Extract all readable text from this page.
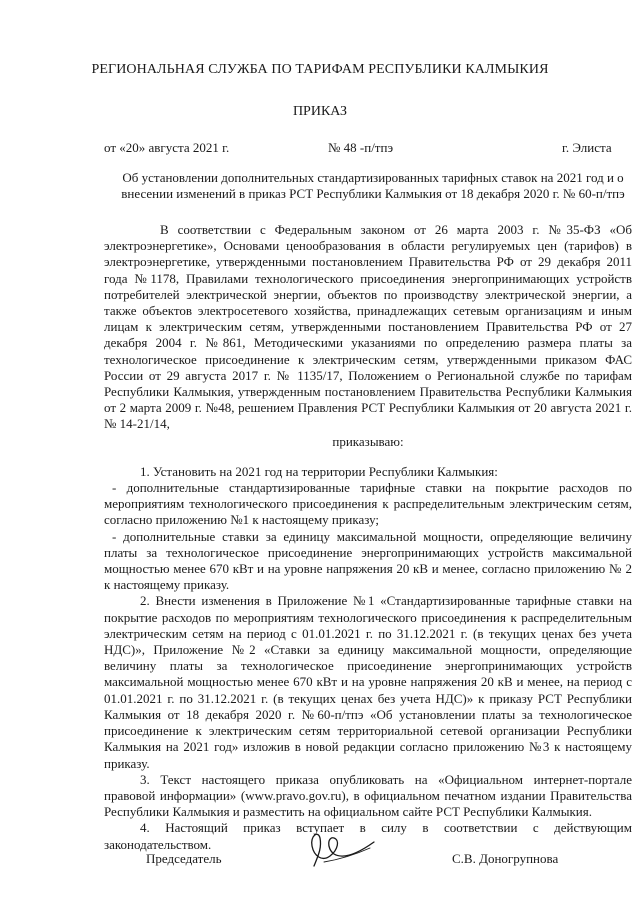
РЕГИОНАЛЬНАЯ СЛУЖБА ПО ТАРИФАМ РЕСПУБЛИКИ КАЛМЫКИЯ
ПРИКАЗ
от «20» августа 2021 г.	№ 48 -п/тпэ	г. Элиста
Об установлении дополнительных стандартизированных тарифных ставок на 2021 год и о внесении изменений в приказ РСТ Республики Калмыкия от 18 декабря 2020 г. № 60-п/тпэ

В соответствии с Федеральным законом от 26 марта 2003 г. №35-ФЗ «Об электроэнергетике», Основами ценообразования в области регулируемых цен (тарифов) в электроэнергетике, утвержденными постановлением Правительства РФ от 29 декабря 2011 года №1178, Правилами технологического присоединения энергопринимающих устройств потребителей электрической энергии, объектов по производству электрической энергии, а также объектов электросетевого хозяйства, принадлежащих сетевым организациям и иным лицам к электрическим сетям, утвержденными постановлением Правительства РФ от 27 декабря 2004 г. №861, Методическими указаниями по определению размера платы за технологическое присоединение к электрическим сетям, утвержденными приказом ФАС России от 29 августа 2017 г. № 1135/17, Положением о Региональной службе по тарифам Республики Калмыкия, утвержденным постановлением Правительства Республики Калмыкия от 2 марта 2009 г. №48, решением Правления РСТ Республики Калмыкия от 20 августа 2021 г. № 14-21/14,

приказываю:

1. Установить на 2021 год на территории Республики Калмыкия:

- дополнительные стандартизированные тарифные ставки на покрытие расходов по мероприятиям технологического присоединения к распределительным электрическим сетям, согласно приложению №1 к настоящему приказу;

- дополнительные ставки за единицу максимальной мощности, определяющие величину платы за технологическое присоединение энергопринимающих устройств максимальной мощностью менее 670 кВт и на уровне напряжения 20 кВ и менее, согласно приложению № 2 к настоящему приказу.

2. Внести изменения в Приложение №1 «Стандартизированные тарифные ставки на покрытие расходов по мероприятиям технологического присоединения к распределительным электрическим сетям на период с 01.01.2021 г. по 31.12.2021 г. (в текущих ценах без учета НДС)», Приложение №2 «Ставки за единицу максимальной мощности, определяющие величину платы за технологическое присоединение энергопринимающих устройств максимальной мощностью менее 670 кВт и на уровне напряжения 20 кВ и менее, на период с 01.01.2021 г. по 31.12.2021 г. (в текущих ценах без учета НДС)» к приказу РСТ Республики Калмыкия от 18 декабря 2020 г. №60-п/тпэ «Об установлении платы за технологическое присоединение к электрическим сетям территориальной сетевой организации Республики Калмыкия на 2021 год» изложив в новой редакции согласно приложению №3 к настоящему приказу.

3. Текст настоящего приказа опубликовать на «Официальном интернет-портале правовой информации» (www.pravo.gov.ru), в официальном печатном издании Правительства Республики Калмыкия и разместить на официальном сайте РСТ Республики Калмыкия.

4. Настоящий приказ вступает в силу в соответствии с действующим законодательством.

Председатель	С.В. Доногрупнова
